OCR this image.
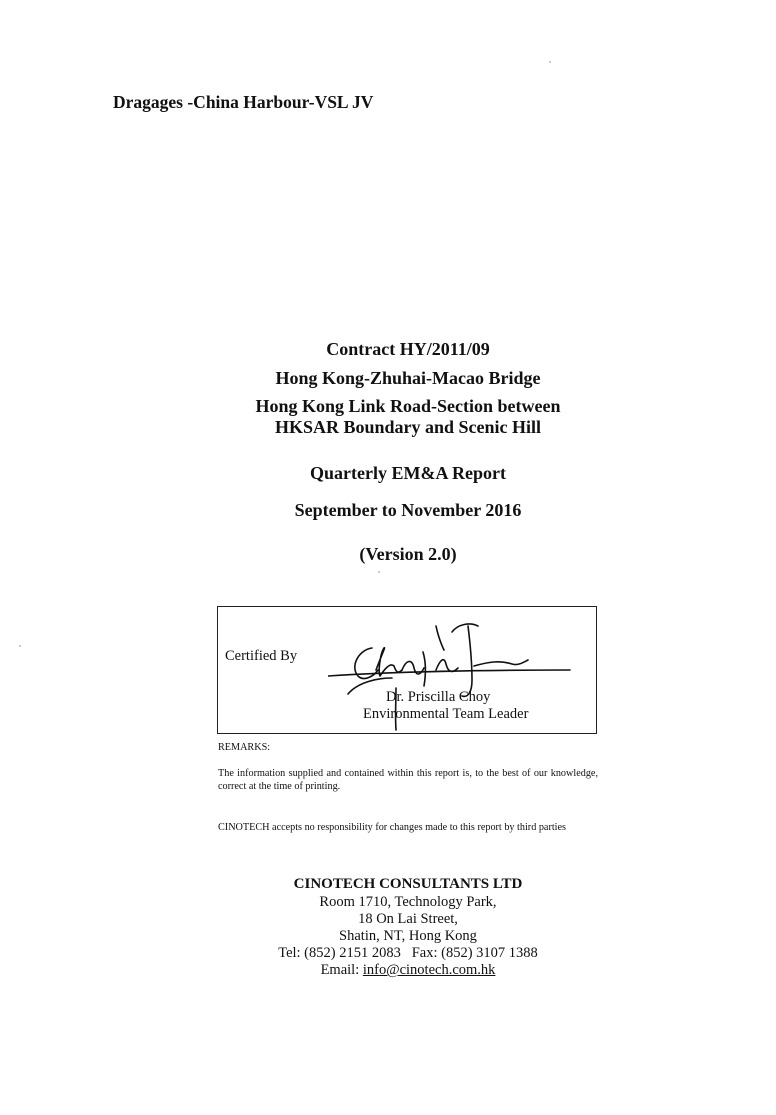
Dragages -China Harbour-VSL JV
Contract HY/2011/09
Hong Kong-Zhuhai-Macao Bridge
Hong Kong Link Road-Section between HKSAR Boundary and Scenic Hill
Quarterly EM&A Report
September to November 2016
(Version 2.0)
Certified By
Dr. Priscilla Choy
Environmental Team Leader
REMARKS:
The information supplied and contained within this report is, to the best of our knowledge, correct at the time of printing.
CINOTECH accepts no responsibility for changes made to this report by third parties
CINOTECH CONSULTANTS LTD
Room 1710, Technology Park,
18 On Lai Street,
Shatin, NT, Hong Kong
Tel: (852) 2151 2083   Fax: (852) 3107 1388
Email: info@cinotech.com.hk
